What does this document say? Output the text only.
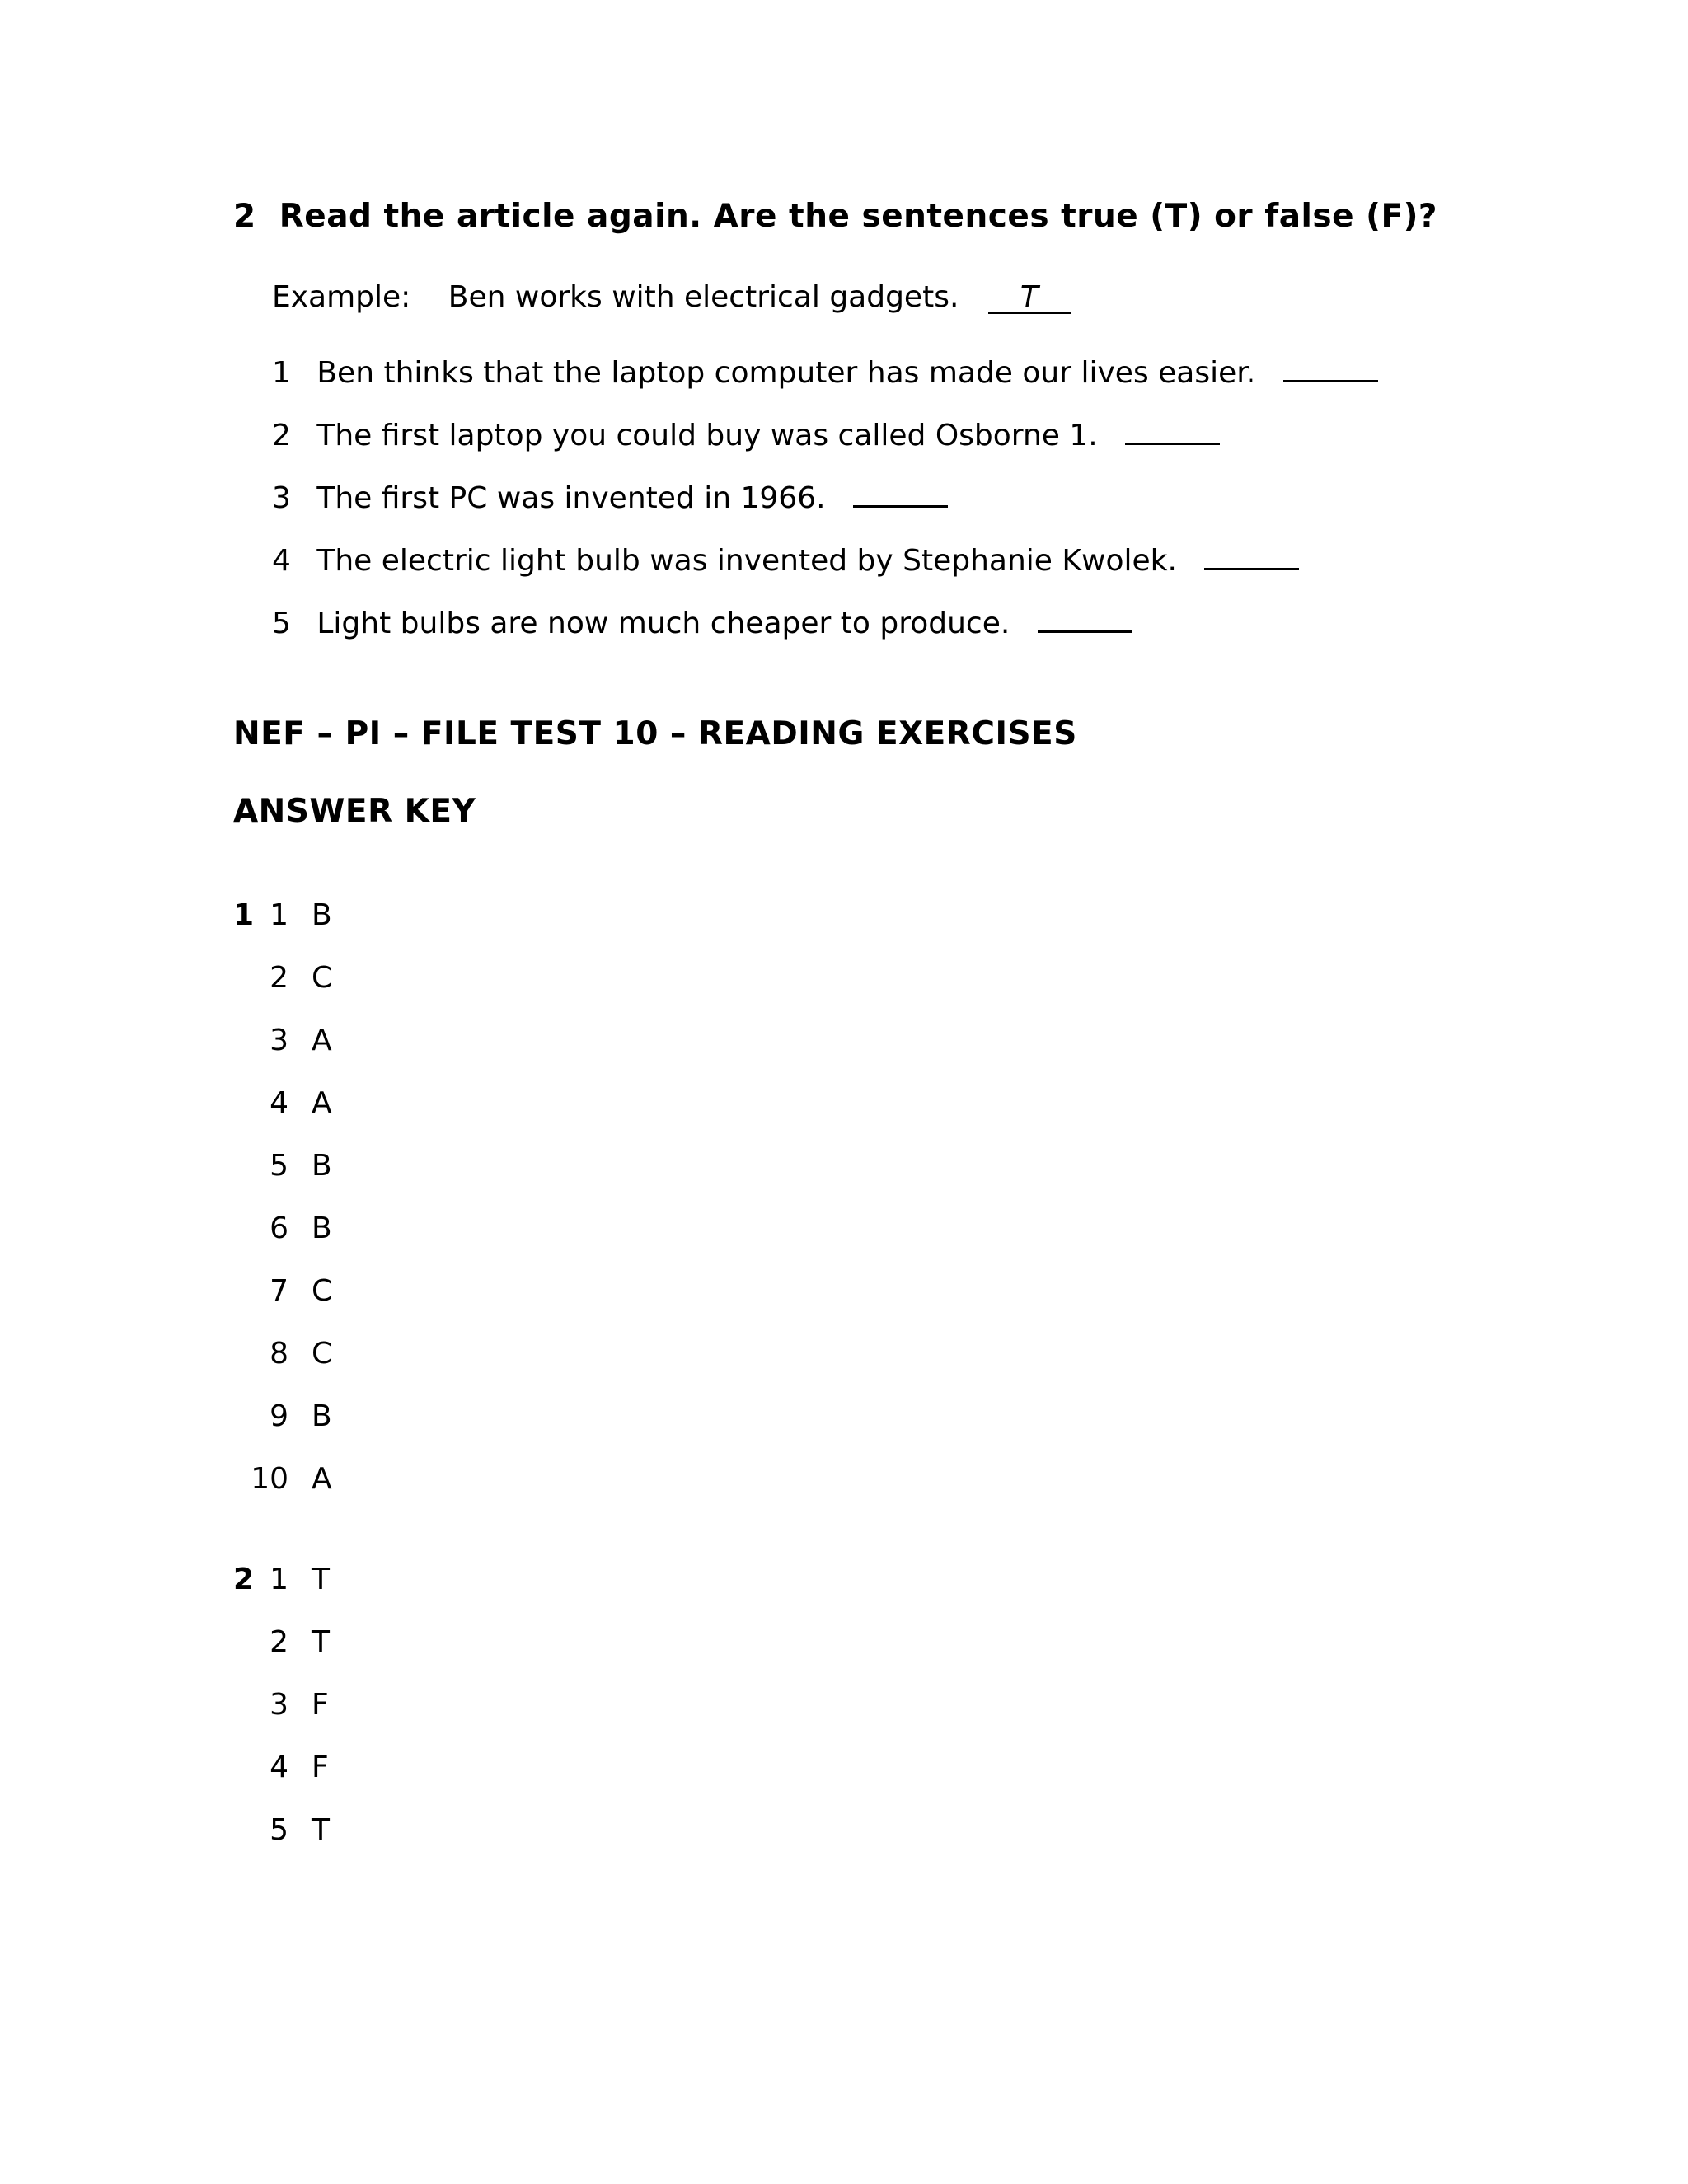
2 Read the article again. Are the sentences true (T) or false (F)?
Example: Ben works with electrical gadgets. T
1 Ben thinks that the laptop computer has made our lives easier.
2 The first laptop you could buy was called Osborne 1.
3 The first PC was invented in 1966.
4 The electric light bulb was invented by Stephanie Kwolek.
5 Light bulbs are now much cheaper to produce.
NEF – PI – FILE TEST 10 – READING EXERCISES
ANSWER KEY
1 1 B
2 C
3 A
4 A
5 B
6 B
7 C
8 C
9 B
10 A
2 1 T
2 T
3 F
4 F
5 T
